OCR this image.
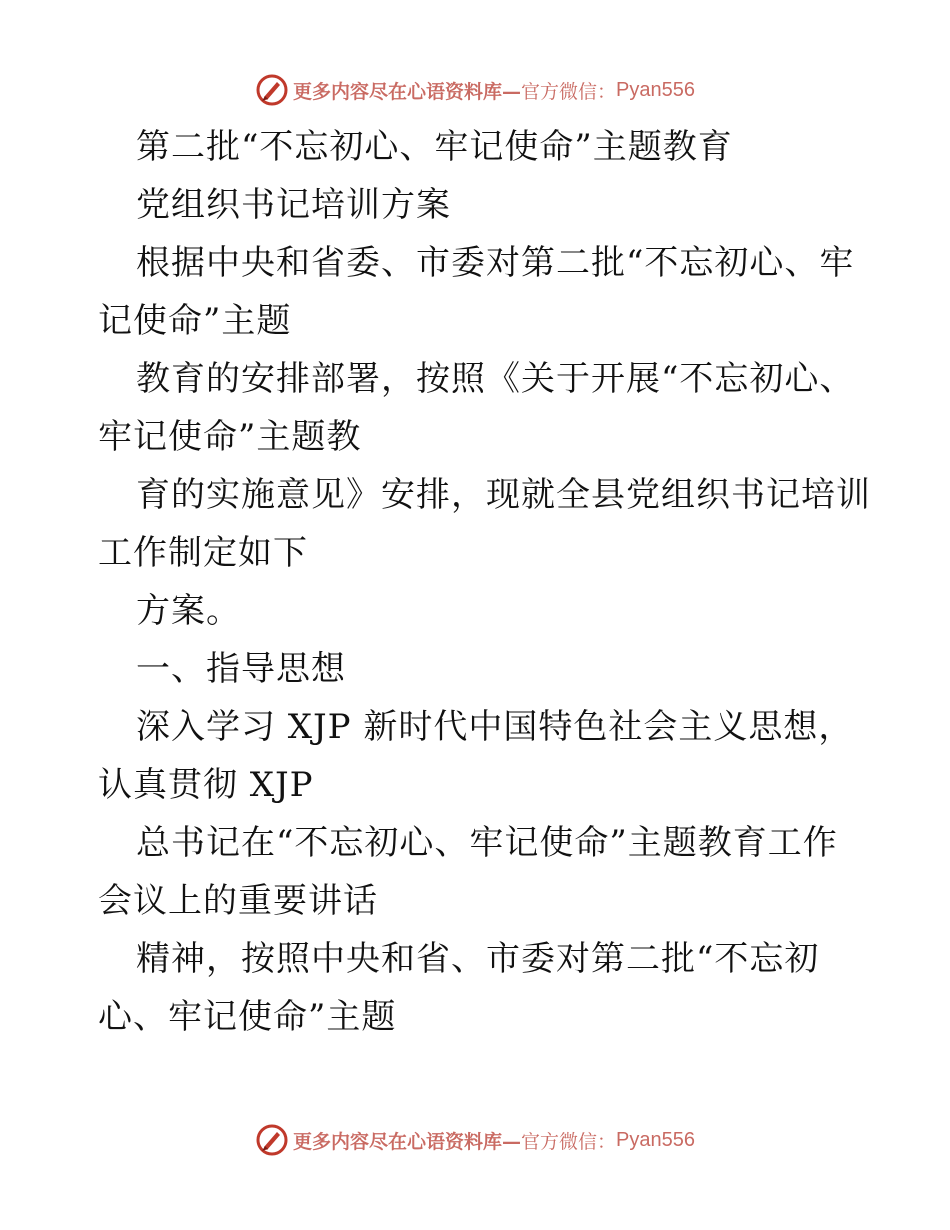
更多内容尽在心语资料库— 官方微信： Pyan556
第二批“不忘初心、牢记使命”主题教育
党组织书记培训方案
根据中央和省委、市委对第二批“不忘初心、牢
记使命”主题
教育的安排部署，按照《关于开展“不忘初心、
牢记使命”主题教
育的实施意见》安排，现就全县党组织书记培训
工作制定如下
方案。
一、指导思想
深入学习 XJP 新时代中国特色社会主义思想，
认真贯彻 XJP
总书记在“不忘初心、牢记使命”主题教育工作
会议上的重要讲话
精神，按照中央和省、市委对第二批“不忘初
心、牢记使命”主题
更多内容尽在心语资料库— 官方微信： Pyan556
